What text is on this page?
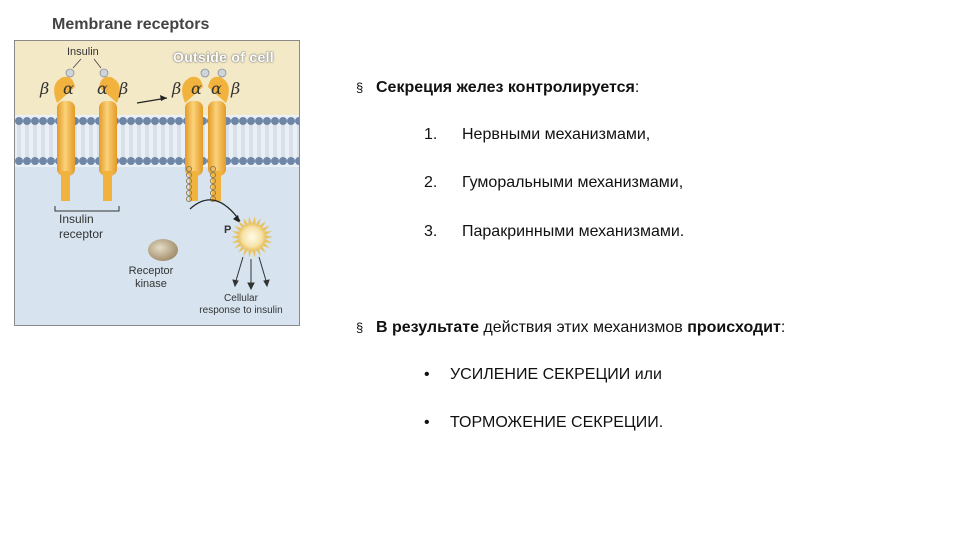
Membrane receptors
Outside of cell
Insulin
β α α β	β α α β
Insulin
receptor
Receptor
kinase
Cellular
response to insulin
P
§ Секреция желез контролируется:
1. Нервными механизмами,
2. Гуморальными механизмами,
3. Паракринными механизмами.
§ В результате действия этих механизмов происходит:
• УСИЛЕНИЕ СЕКРЕЦИИ или
• ТОРМОЖЕНИЕ СЕКРЕЦИИ.
